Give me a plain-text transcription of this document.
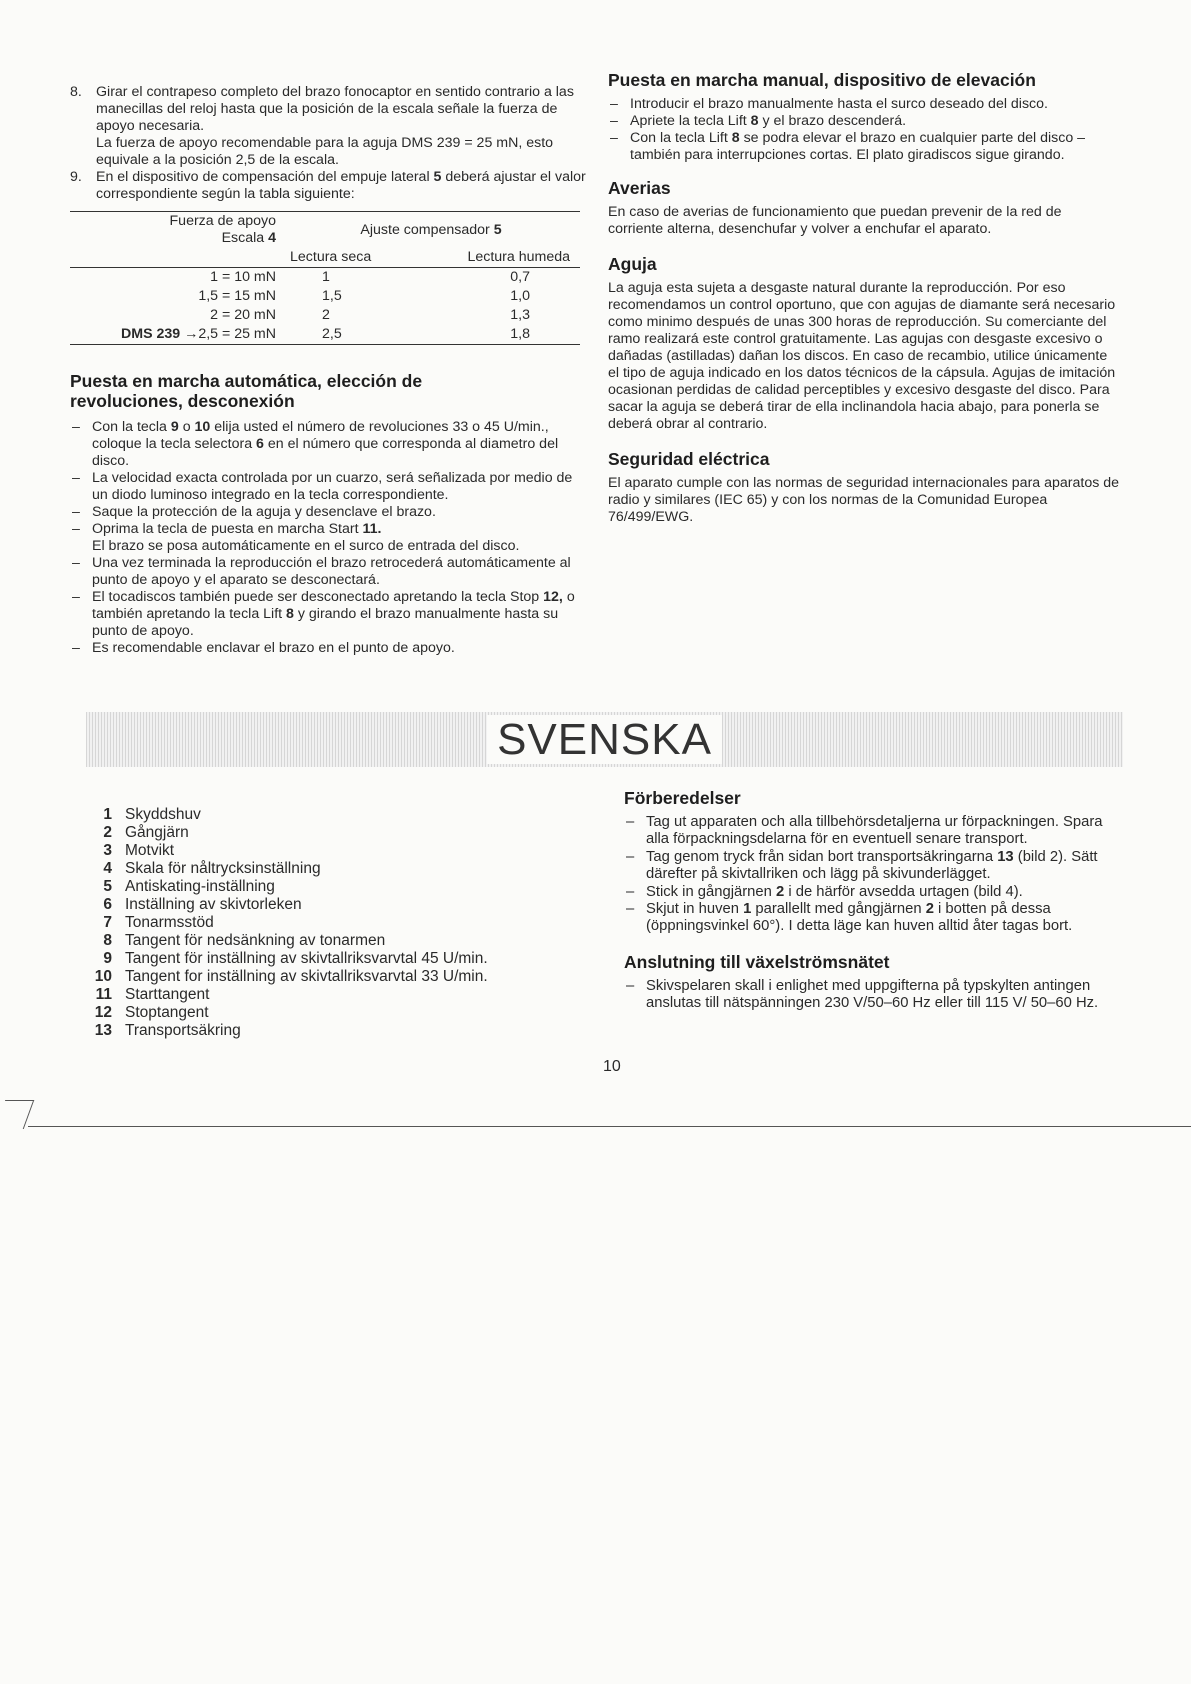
8. Girar el contrapeso completo del brazo fonocaptor en sentido contrario a las manecillas del reloj hasta que la posición de la escala señale la fuerza de apoyo necesaria.

La fuerza de apoyo recomendable para la aguja DMS 239 = 25 mN, esto equivale a la posición 2,5 de la escala.

9. En el dispositivo de compensación del empuje lateral 5 deberá ajustar el valor correspondiente según la tabla siguiente:

Fuerza de apoyo
Escala 4	Ajuste compensador 5	
	Lectura seca	Lectura humeda
1 = 10 mN	1	0,7
1,5 = 15 mN	1,5	1,0
2 = 20 mN	2	1,3
DMS 239 →2,5 = 25 mN	2,5	1,8
Puesta en marcha automática, elección de revoluciones, desconexión
– Con la tecla 9 o 10 elija usted el número de revoluciones 33 o 45 U/min., coloque la tecla selectora 6 en el número que corresponda al diametro del disco.
– La velocidad exacta controlada por un cuarzo, será señalizada por medio de un diodo luminoso integrado en la tecla correspondiente.
– Saque la protección de la aguja y desenclave el brazo.
– Oprima la tecla de puesta en marcha Start 11.
El brazo se posa automáticamente en el surco de entrada del disco.
– Una vez terminada la reproducción el brazo retrocederá automáticamente al punto de apoyo y el aparato se desconectará.
– El tocadiscos también puede ser desconectado apretando la tecla Stop 12, o también apretando la tecla Lift 8 y girando el brazo manualmente hasta su punto de apoyo.
– Es recomendable enclavar el brazo en el punto de apoyo.
Puesta en marcha manual, dispositivo de elevación
– Introducir el brazo manualmente hasta el surco deseado del disco.
– Apriete la tecla Lift 8 y el brazo descenderá.
– Con la tecla Lift 8 se podra elevar el brazo en cualquier parte del disco – también para interrupciones cortas. El plato giradiscos sigue girando.
Averias

En caso de averias de funcionamiento que puedan prevenir de la red de corriente alterna, desenchufar y volver a enchufar el aparato.

Aguja

La aguja esta sujeta a desgaste natural durante la reproducción. Por eso recomendamos un control oportuno, que con agujas de diamante será necesario como minimo después de unas 300 horas de reproducción. Su comerciante del ramo realizará este control gratuitamente. Las agujas con desgaste excesivo o dañadas (astilladas) dañan los discos. En caso de recambio, utilice únicamente el tipo de aguja indicado en los datos técnicos de la cápsula. Agujas de imitación ocasionan perdidas de calidad perceptibles y excesivo desgaste del disco. Para sacar la aguja se deberá tirar de ella inclinandola hacia abajo, para ponerla se deberá obrar al contrario.

Seguridad eléctrica

El aparato cumple con las normas de seguridad internacionales para aparatos de radio y similares (IEC 65) y con los normas de la Comunidad Europea 76/499/EWG.

SVENSKA
1 Skyddshuv
2 Gångjärn
3 Motvikt
4 Skala för nåltrycksinställning
5 Antiskating-inställning
6 Inställning av skivtorleken
7 Tonarmsstöd
8 Tangent för nedsänkning av tonarmen
9 Tangent för inställning av skivtallriksvarvtal 45 U/min.
10 Tangent for inställning av skivtallriksvarvtal 33 U/min.
11 Starttangent
12 Stoptangent
13 Transportsäkring
Förberedelser
– Tag ut apparaten och alla tillbehörsdetaljerna ur förpackningen. Spara alla förpackningsdelarna för en eventuell senare transport.
– Tag genom tryck från sidan bort transportsäkringarna 13 (bild 2). Sätt därefter på skivtallriken och lägg på skivunderlägget.
– Stick in gångjärnen 2 i de härför avsedda urtagen (bild 4).
– Skjut in huven 1 parallellt med gångjärnen 2 i botten på dessa (öppningsvinkel 60°). I detta läge kan huven alltid åter tagas bort.
Anslutning till växelströmsnätet
– Skivspelaren skall i enlighet med uppgifterna på typskylten antingen anslutas till nätspänningen 230 V/50–60 Hz eller till 115 V/ 50–60 Hz.
10
